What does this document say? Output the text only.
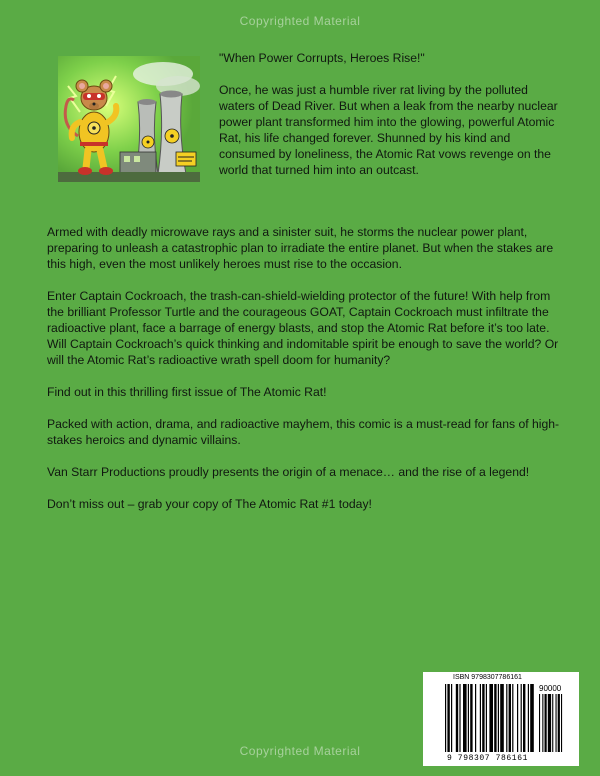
Copyrighted Material

"When Power Corrupts, Heroes Rise!"

Once, he was just a humble river rat living by the polluted waters of Dead River. But when a leak from the nearby nuclear power plant transformed him into the glowing, powerful Atomic Rat, his life changed forever. Shunned by his kind and consumed by loneliness, the Atomic Rat vows revenge on the world that turned him into an outcast.

Armed with deadly microwave rays and a sinister suit, he storms the nuclear power plant, preparing to unleash a catastrophic plan to irradiate the entire planet. But when the stakes are this high, even the most unlikely heroes must rise to the occasion.

Enter Captain Cockroach, the trash-can-shield-wielding protector of the future! With help from the brilliant Professor Turtle and the courageous GOAT, Captain Cockroach must infiltrate the radioactive plant, face a barrage of energy blasts, and stop the Atomic Rat before it’s too late.

Will Captain Cockroach’s quick thinking and indomitable spirit be enough to save the world? Or will the Atomic Rat’s radioactive wrath spell doom for humanity?

Find out in this thrilling first issue of The Atomic Rat!

Packed with action, drama, and radioactive mayhem, this comic is a must-read for fans of high-stakes heroics and dynamic villains.

Van Starr Productions proudly presents the origin of a menace… and the rise of a legend!

Don’t miss out – grab your copy of The Atomic Rat #1 today!

ISBN 9798307786161
90000
9 798307 786161
Copyrighted Material
